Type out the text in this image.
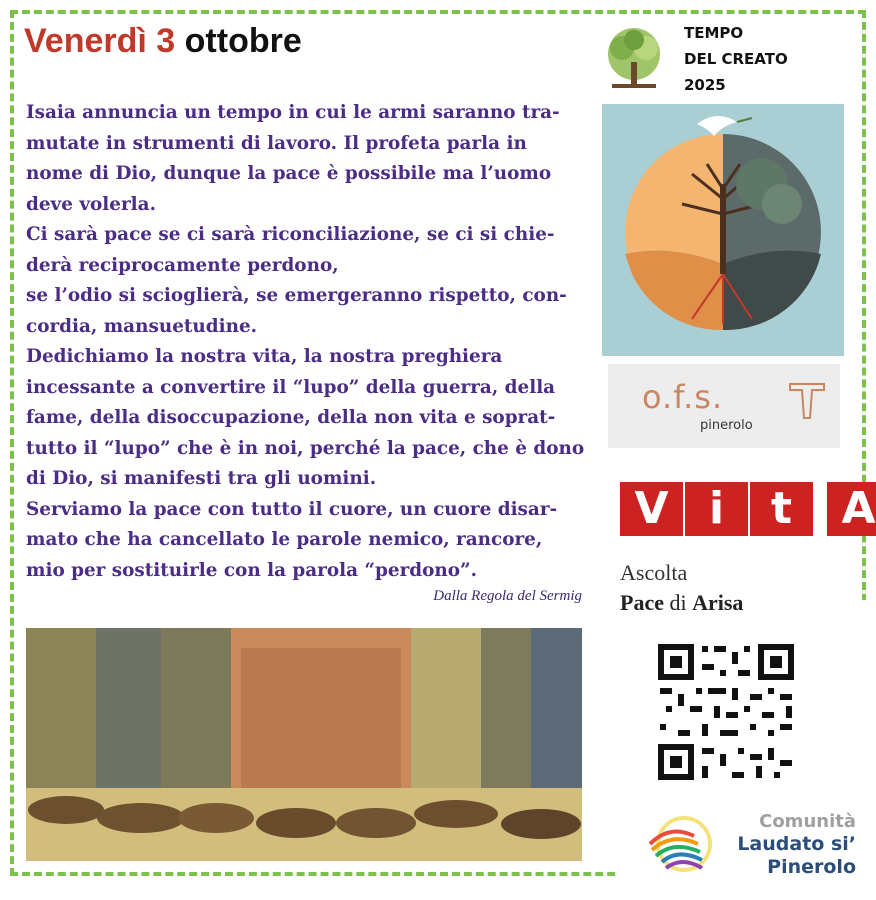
Venerdì 3 ottobre

Isaia annuncia un tempo in cui le armi saranno tra-mutate in strumenti di lavoro. Il profeta parla in nome di Dio, dunque la pace è possibile ma l’uomo deve volerla.

Ci sarà pace se ci sarà riconciliazione, se ci si chie-derà reciprocamente perdono,

se l’odio si scioglierà, se emergeranno rispetto, con-cordia, mansuetudine.

Dedichiamo la nostra vita, la nostra preghiera incessante a convertire il “lupo” della guerra, della fame, della disoccupazione, della non vita e soprat-tutto il “lupo” che è in noi, perché la pace, che è dono di Dio, si manifesti tra gli uomini.

Serviamo la pace con tutto il cuore, un cuore disar-mato che ha cancellato le parole nemico, rancore, mio per sostituirle con la parola “perdono”.

Dalla Regola del Sermig
TEMPO
DEL CREATO
2025
o.f.s.
pinerolo
V i	t	A
Ascolta
Pace di Arisa
Comunità
Laudato si’
Pinerolo
